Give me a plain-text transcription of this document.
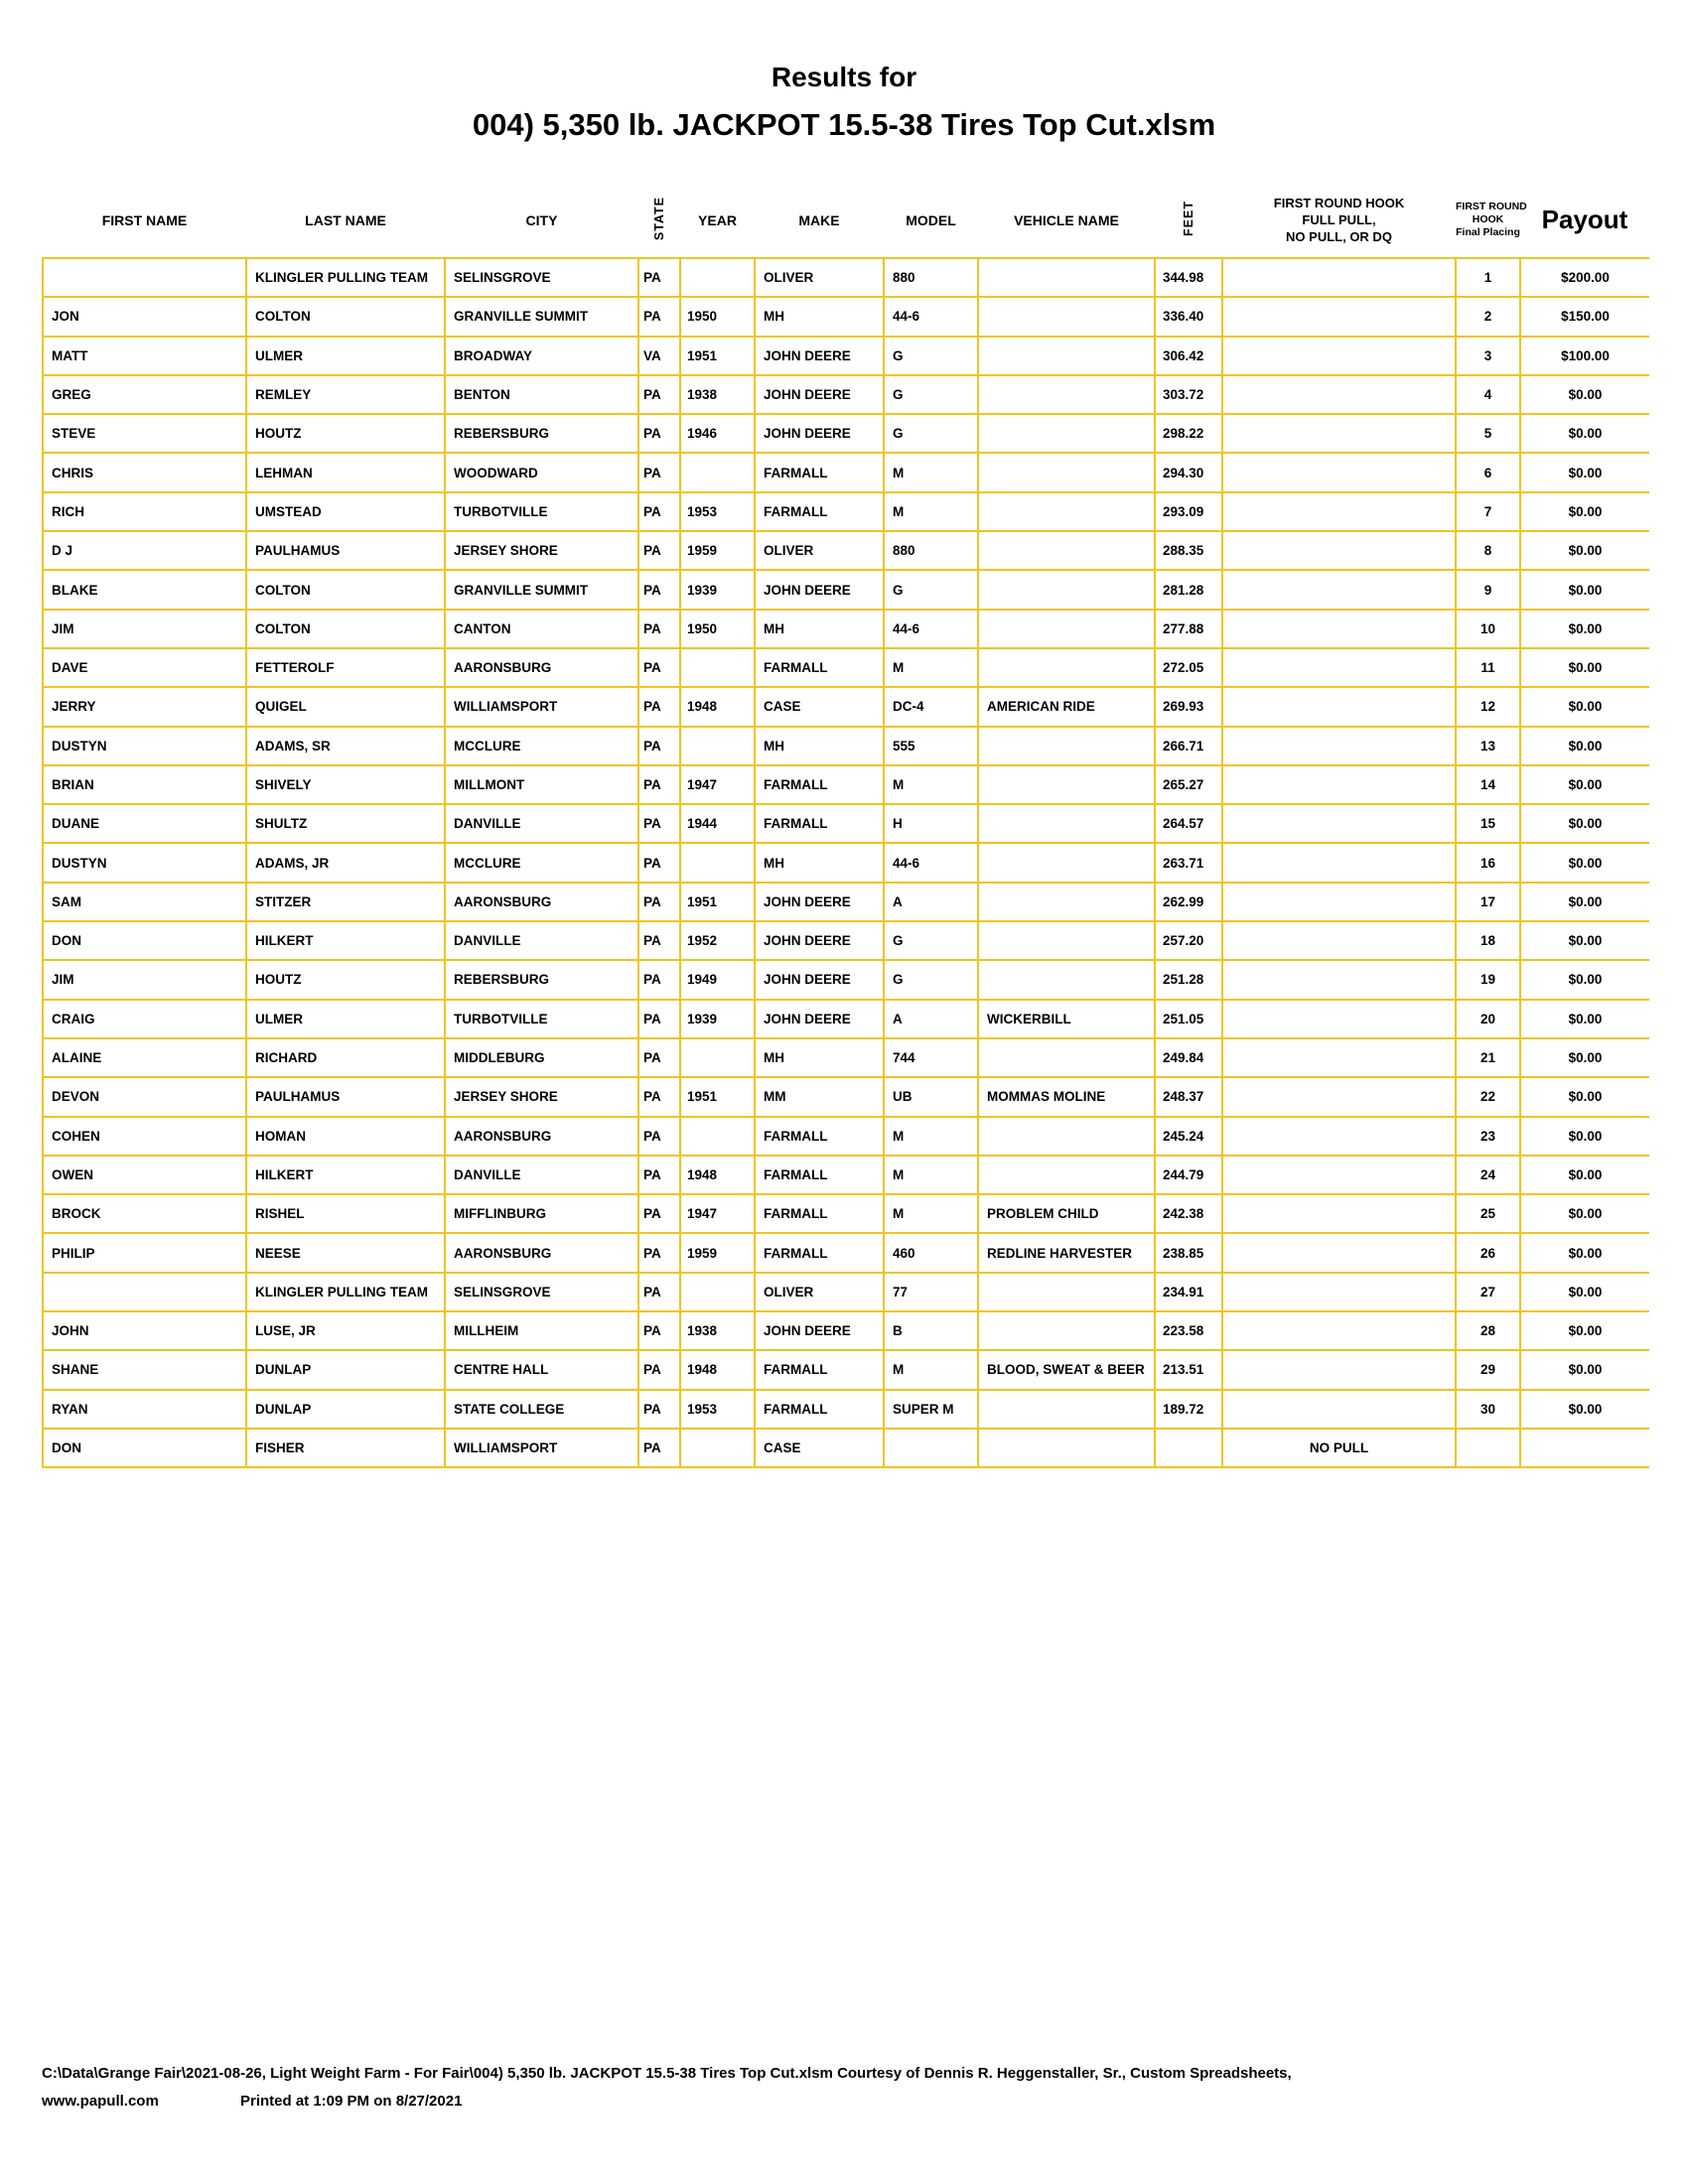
Results for
004) 5,350 lb. JACKPOT 15.5-38 Tires Top Cut.xlsm
FIRST NAME	LAST NAME	CITY	STATE	YEAR	MAKE	MODEL	VEHICLE NAME	FEET	FIRST ROUND HOOK
FULL PULL,
NO PULL, OR DQ	FIRST ROUND
HOOK
Final Placing	Payout
	KLINGLER PULLING TEAM	SELINSGROVE	PA		OLIVER	880		344.98		1	$200.00
JON	COLTON	GRANVILLE SUMMIT	PA	1950	MH	44-6		336.40		2	$150.00
MATT	ULMER	BROADWAY	VA	1951	JOHN DEERE	G		306.42		3	$100.00
GREG	REMLEY	BENTON	PA	1938	JOHN DEERE	G		303.72		4	$0.00
STEVE	HOUTZ	REBERSBURG	PA	1946	JOHN DEERE	G		298.22		5	$0.00
CHRIS	LEHMAN	WOODWARD	PA		FARMALL	M		294.30		6	$0.00
RICH	UMSTEAD	TURBOTVILLE	PA	1953	FARMALL	M		293.09		7	$0.00
D J	PAULHAMUS	JERSEY SHORE	PA	1959	OLIVER	880		288.35		8	$0.00
BLAKE	COLTON	GRANVILLE SUMMIT	PA	1939	JOHN DEERE	G		281.28		9	$0.00
JIM	COLTON	CANTON	PA	1950	MH	44-6		277.88		10	$0.00
DAVE	FETTEROLF	AARONSBURG	PA		FARMALL	M		272.05		11	$0.00
JERRY	QUIGEL	WILLIAMSPORT	PA	1948	CASE	DC-4	AMERICAN RIDE	269.93		12	$0.00
DUSTYN	ADAMS, SR	MCCLURE	PA		MH	555		266.71		13	$0.00
BRIAN	SHIVELY	MILLMONT	PA	1947	FARMALL	M		265.27		14	$0.00
DUANE	SHULTZ	DANVILLE	PA	1944	FARMALL	H		264.57		15	$0.00
DUSTYN	ADAMS, JR	MCCLURE	PA		MH	44-6		263.71		16	$0.00
SAM	STITZER	AARONSBURG	PA	1951	JOHN DEERE	A		262.99		17	$0.00
DON	HILKERT	DANVILLE	PA	1952	JOHN DEERE	G		257.20		18	$0.00
JIM	HOUTZ	REBERSBURG	PA	1949	JOHN DEERE	G		251.28		19	$0.00
CRAIG	ULMER	TURBOTVILLE	PA	1939	JOHN DEERE	A	WICKERBILL	251.05		20	$0.00
ALAINE	RICHARD	MIDDLEBURG	PA		MH	744		249.84		21	$0.00
DEVON	PAULHAMUS	JERSEY SHORE	PA	1951	MM	UB	MOMMAS MOLINE	248.37		22	$0.00
COHEN	HOMAN	AARONSBURG	PA		FARMALL	M		245.24		23	$0.00
OWEN	HILKERT	DANVILLE	PA	1948	FARMALL	M		244.79		24	$0.00
BROCK	RISHEL	MIFFLINBURG	PA	1947	FARMALL	M	PROBLEM CHILD	242.38		25	$0.00
PHILIP	NEESE	AARONSBURG	PA	1959	FARMALL	460	REDLINE HARVESTER	238.85		26	$0.00
	KLINGLER PULLING TEAM	SELINSGROVE	PA		OLIVER	77		234.91		27	$0.00
JOHN	LUSE, JR	MILLHEIM	PA	1938	JOHN DEERE	B		223.58		28	$0.00
SHANE	DUNLAP	CENTRE HALL	PA	1948	FARMALL	M	BLOOD, SWEAT & BEER	213.51		29	$0.00
RYAN	DUNLAP	STATE COLLEGE	PA	1953	FARMALL	SUPER M		189.72		30	$0.00
DON	FISHER	WILLIAMSPORT	PA		CASE				NO PULL		
C:\Data\Grange Fair\2021-08-26, Light Weight Farm - For Fair\004) 5,350 lb. JACKPOT 15.5-38 Tires Top Cut.xlsm Courtesy of Dennis R. Heggenstaller, Sr., Custom Spreadsheets,
www.papull.com	Printed at 1:09 PM on 8/27/2021
